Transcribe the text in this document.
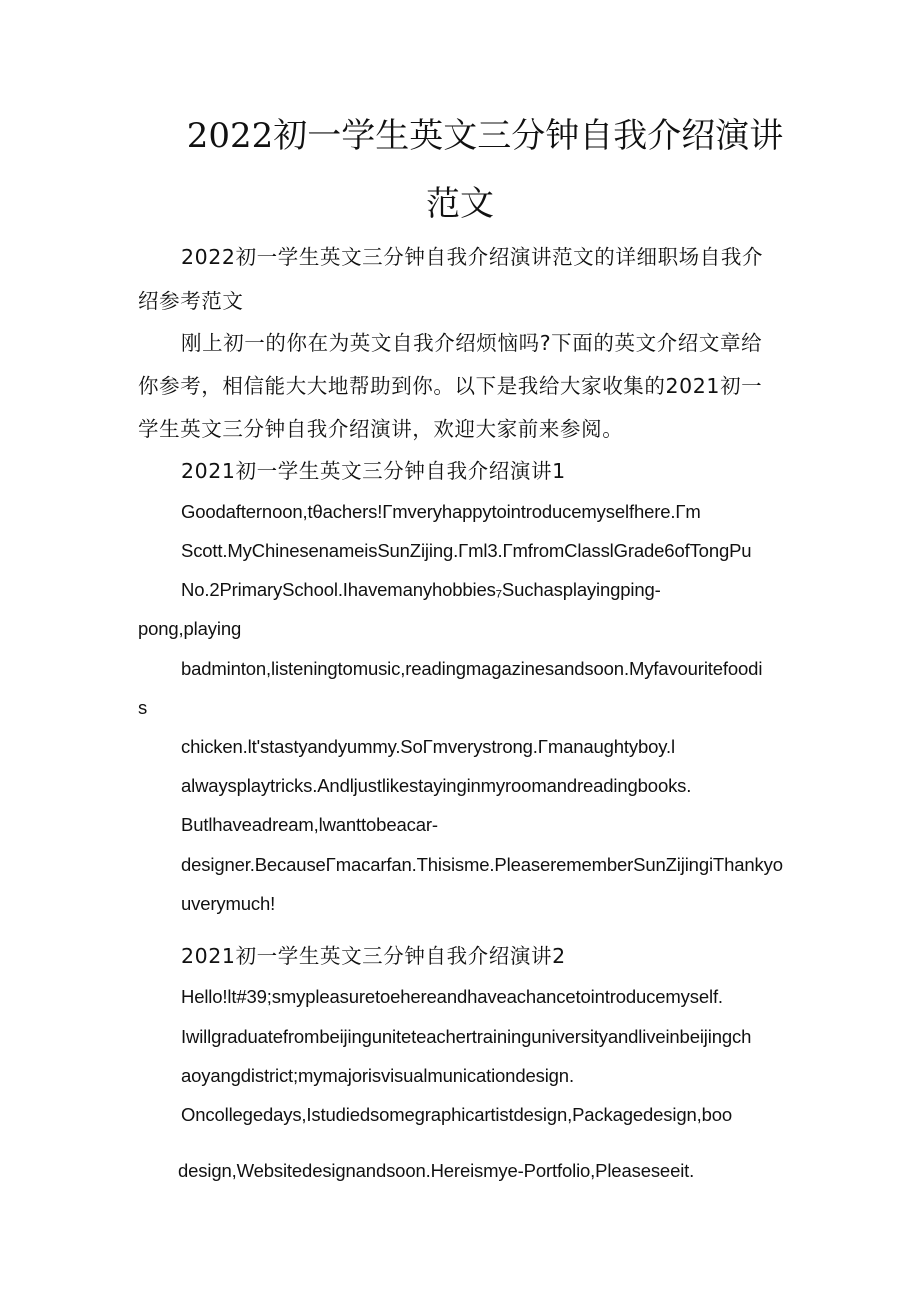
2022初一学生英文三分钟自我介绍演讲
范文
2022初一学生英文三分钟自我介绍演讲范文的详细职场自我介
绍参考范文
刚上初一的你在为英文自我介绍烦恼吗?下面的英文介绍文章给
你参考，相信能大大地帮助到你。以下是我给大家收集的2021初一
学生英文三分钟自我介绍演讲，欢迎大家前来参阅。
2021初一学生英文三分钟自我介绍演讲1
Goodafternoon,tθachers!Γmveryhappytointroducemyselfhere.Γm
Scott.MyChinesenameisSunZijing.Γml3.ΓmfromClasslGrade6ofTongPu
No.2PrimarySchool.Ihavemanyhobbies₇Suchasplayingping-
pong,playing
badminton,listeningtomusic,readingmagazinesandsoon.Myfavouritefoodi
s
chicken.lt'stastyandyummy.SoΓmverystrong.Γmanaughtyboy.l
alwaysplaytricks.Andljustlikestayinginmyroomandreadingbooks.
Butlhaveadream,lwanttobeacar-
designer.BecauseΓmacarfan.Thisisme.PleaserememberSunZijingiThankyo
uverymuch!
2021初一学生英文三分钟自我介绍演讲2
Hello!lt#39;smypleasuretoehereandhaveachancetointroducemyself.
Iwillgraduatefrombeijinguniteteachertraininguniversityandliveinbeijingch
aoyangdistrict;mymajorisvisualmunicationdesign.
Oncollegedays,Istudiedsomegraphicartistdesign,Packagedesign,boo
design,Websitedesignandsoon.Hereismye-Portfolio,Pleaseseeit.
